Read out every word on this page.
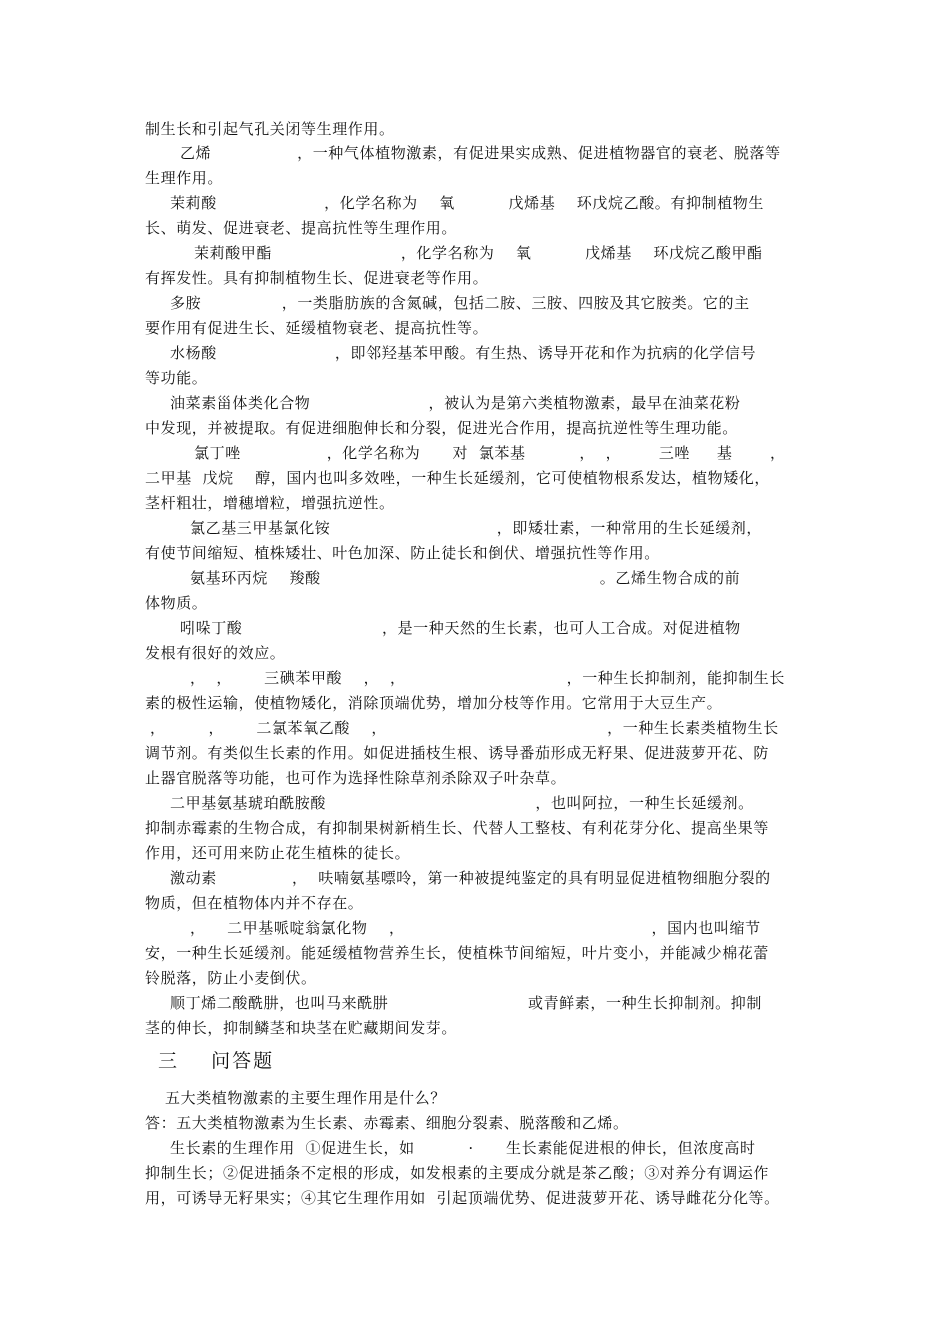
制生长和引起气孔关闭等生理作用。
乙烯                ，一种气体植物激素，有促进果实成熟、促进植物器官的衰老、脱落等
生理作用。
茉莉酸                    ，化学名称为    氧          戊烯基    环戊烷乙酸。有抑制植物生
长、萌发、促进衰老、提高抗性等生理作用。
茉莉酸甲酯                        ，化学名称为    氧          戊烯基    环戊烷乙酸甲酯
有挥发性。具有抑制植物生长、促进衰老等作用。
多胺               ，一类脂肪族的含氮碱，包括二胺、三胺、四胺及其它胺类。它的主
要作用有促进生长、延缓植物衰老、提高抗性等。
水杨酸                      ，即邻羟基苯甲酸。有生热、诱导开花和作为抗病的化学信号
等功能。
油菜素甾体类化合物                      ，被认为是第六类植物激素，最早在油菜花粉
中发现，并被提取。有促进细胞伸长和分裂，促进光合作用，提高抗逆性等生理功能。
氯丁唑                ，化学名称为      对  氯苯基          ，  ，       三唑     基       ，
二甲基  戊烷    醇，国内也叫多效唑，一种生长延缓剂，它可使植物根系发达，植物矮化，
茎杆粗壮，增穗增粒，增强抗逆性。
氯乙基三甲基氯化铵                               ，即矮壮素，一种常用的生长延缓剂，
有使节间缩短、植株矮壮、叶色加深、防止徒长和倒伏、增强抗性等作用。
氨基环丙烷    羧酸                                                    。乙烯生物合成的前
体物质。
吲哚丁酸                          ，是一种天然的生长素，也可人工合成。对促进植物
发根有很好的效应。
，  ，      三碘苯甲酸    ，  ，                              ，一种生长抑制剂，能抑制生长
素的极性运输，使植物矮化，消除顶端优势，增加分枝等作用。它常用于大豆生产。
，        ，      二氯苯氧乙酸    ，                                         ，一种生长素类植物生长
调节剂。有类似生长素的作用。如促进插枝生根、诱导番茄形成无籽果、促进菠萝开花、防
止器官脱落等功能，也可作为选择性除草剂杀除双子叶杂草。
二甲基氨基琥珀酰胺酸                                       ，也叫阿拉，一种生长延缓剂。
抑制赤霉素的生物合成，有抑制果树新梢生长、代替人工整枝、有利花芽分化、提高坐果等
作用，还可用来防止花生植株的徒长。
激动素              ，  呋喃氨基嘌呤，第一种被提纯鉴定的具有明显促进植物细胞分裂的
物质，但在植物体内并不存在。
，    二甲基哌啶翁氯化物    ，                                              ，国内也叫缩节
安，一种生长延缓剂。能延缓植物营养生长，使植株节间缩短，叶片变小，并能减少棉花蕾
铃脱落，防止小麦倒伏。
顺丁烯二酸酰肼，也叫马来酰肼                          或青鲜素，一种生长抑制剂。抑制
茎的伸长，抑制鳞茎和块茎在贮藏期间发芽。
三    问答题
五大类植物激素的主要生理作用是什么？
答：五大类植物激素为生长素、赤霉素、细胞分裂素、脱落酸和乙烯。
生长素的生理作用  ①促进生长，如          ·      生长素能促进根的伸长，但浓度高时
抑制生长；②促进插条不定根的形成，如发根素的主要成分就是茶乙酸；③对养分有调运作
用，可诱导无籽果实；④其它生理作用如  引起顶端优势、促进菠萝开花、诱导雌花分化等。
